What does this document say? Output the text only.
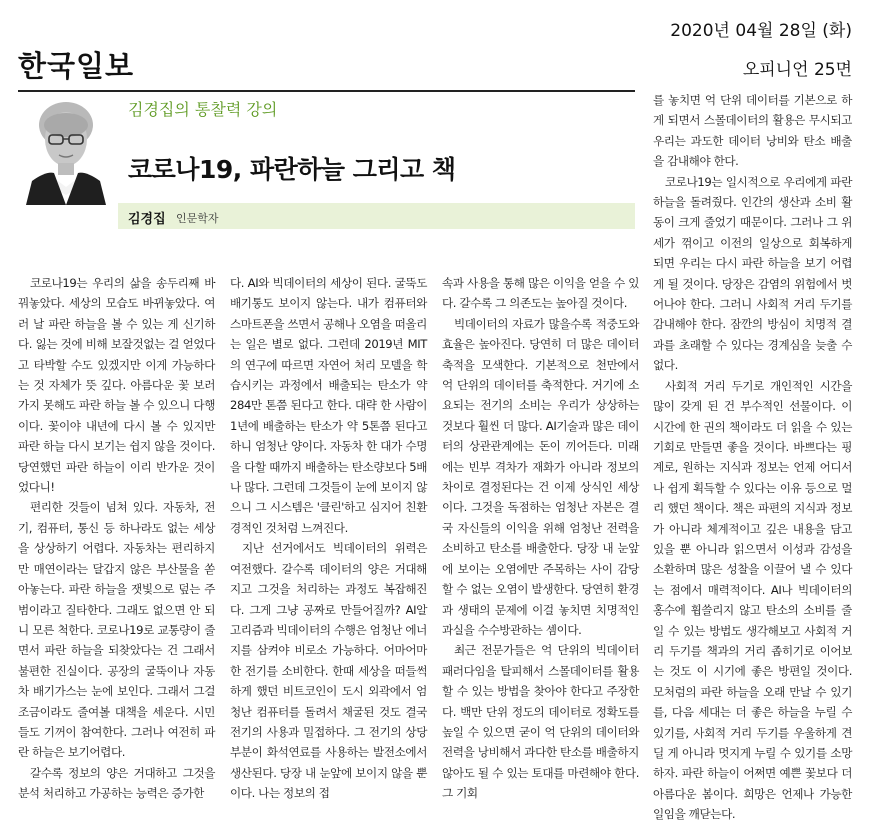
한국일보
2020년 04월 28일 (화)
오피니언 25면
김경집의 통찰력 강의
코로나19, 파란하늘 그리고 책
김경집 인문학자

코로나19는 우리의 삶을 송두리째 바꿔놓았다. 세상의 모습도 바뀌놓았다. 여러 날 파란 하늘을 볼 수 있는 게 신기하다. 잃는 것에 비해 보잘것없는 걸 얻었다고 타박할 수도 있겠지만 이게 가능하다는 것 자체가 뜻 깊다. 아름다운 꽃 보러 가지 못해도 파란 하늘 볼 수 있으니 다행이다. 꽃이야 내년에 다시 볼 수 있지만 파란 하늘 다시 보기는 쉽지 않을 것이다. 당연했던 파란 하늘이 이리 반가운 것이었다니!

편리한 것들이 넘쳐 있다. 자동차, 전기, 컴퓨터, 통신 등 하나라도 없는 세상을 상상하기 어렵다. 자동차는 편리하지만 매연이라는 달갑지 않은 부산물을 쏟아놓는다. 파란 하늘을 잿빛으로 덮는 주범이라고 질타한다. 그래도 없으면 안 되니 모른 척한다. 코로나19로 교통량이 줄면서 파란 하늘을 되찾았다는 건 그래서 불편한 진실이다. 공장의 굴뚝이나 자동차 배기가스는 눈에 보인다. 그래서 그걸 조금이라도 줄여볼 대책을 세운다. 시민들도 기꺼이 참여한다. 그러나 여전히 파란 하늘은 보기어렵다.

갈수록 정보의 양은 거대하고 그것을 분석 처리하고 가공하는 능력은 증가한

다. AI와 빅데이터의 세상이 된다. 굴뚝도 배기통도 보이지 않는다. 내가 컴퓨터와 스마트폰을 쓰면서 공해나 오염을 떠올리는 일은 별로 없다. 그런데 2019년 MIT의 연구에 따르면 자연어 처리 모델을 학습시키는 과정에서 배출되는 탄소가 약 284만 톤쯤 된다고 한다. 대략 한 사람이 1년에 배출하는 탄소가 약 5톤쯤 된다고 하니 엄청난 양이다. 자동차 한 대가 수명을 다할 때까지 배출하는 탄소량보다 5배나 많다. 그런데 그것들이 눈에 보이지 않으니 그 시스템은 '클린'하고 심지어 친환경적인 것처럼 느껴진다.

지난 선거에서도 빅데이터의 위력은 여전했다. 갈수록 데이터의 양은 거대해지고 그것을 처리하는 과정도 복잡해진다. 그게 그냥 공짜로 만들어질까? AI알고리즘과 빅데이터의 수행은 엄청난 에너지를 삼켜야 비로소 가능하다. 어마어마한 전기를 소비한다. 한때 세상을 떠들썩하게 했던 비트코인이 도시 외곽에서 엄청난 컴퓨터를 돌려서 채굴된 것도 결국 전기의 사용과 밀접하다. 그 전기의 상당 부분이 화석연료를 사용하는 발전소에서 생산된다. 당장 내 눈앞에 보이지 않을 뿐이다. 나는 정보의 접

속과 사용을 통해 많은 이익을 얻을 수 있다. 갈수록 그 의존도는 높아질 것이다.

빅데이터의 자료가 많을수록 적중도와 효율은 높아진다. 당연히 더 많은 데이터 축적을 모색한다. 기본적으로 천만에서 억 단위의 데이터를 축적한다. 거기에 소요되는 전기의 소비는 우리가 상상하는 것보다 훨씬 더 많다. AI기술과 많은 데이터의 상관관계에는 돈이 끼어든다. 미래에는 빈부 격차가 재화가 아니라 정보의 차이로 결정된다는 건 이제 상식인 세상이다. 그것을 독점하는 엄청난 자본은 결국 자신들의 이익을 위해 엄청난 전력을 소비하고 탄소를 배출한다. 당장 내 눈앞에 보이는 오염에만 주목하는 사이 감당할 수 없는 오염이 발생한다. 당연히 환경과 생태의 문제에 이걸 놓치면 치명적인 과실을 수수방관하는 셈이다.

최근 전문가들은 억 단위의 빅데이터 패러다임을 탈피해서 스몰데이터를 활용할 수 있는 방법을 찾아야 한다고 주장한다. 백만 단위 정도의 데이터로 정확도를 높일 수 있으면 굳이 억 단위의 데이터와 전력을 낭비해서 과다한 탄소를 배출하지 않아도 될 수 있는 토대를 마련해야 한다. 그 기회

를 놓치면 억 단위 데이터를 기본으로 하게 되면서 스몰데이터의 활용은 무시되고 우리는 과도한 데이터 낭비와 탄소 배출을 감내해야 한다.

코로나19는 일시적으로 우리에게 파란 하늘을 돌려줬다. 인간의 생산과 소비 활동이 크게 줄었기 때문이다. 그러나 그 위세가 꺾이고 이전의 일상으로 회복하게 되면 우리는 다시 파란 하늘을 보기 어렵게 될 것이다. 당장은 감염의 위험에서 벗어나야 한다. 그러니 사회적 거리 두기를 감내해야 한다. 잠깐의 방심이 치명적 결과를 초래할 수 있다는 경계심을 늦출 수 없다.

사회적 거리 두기로 개인적인 시간을 많이 갖게 된 건 부수적인 선물이다. 이 시간에 한 권의 책이라도 더 읽을 수 있는 기회로 만들면 좋을 것이다. 바쁘다는 핑계로, 원하는 지식과 정보는 언제 어디서나 쉽게 획득할 수 있다는 이유 등으로 멀리 했던 책이다. 책은 파편의 지식과 정보가 아니라 체계적이고 깊은 내용을 담고 있을 뿐 아니라 읽으면서 이성과 감성을 소환하며 많은 성찰을 이끌어 낼 수 있다는 점에서 매력적이다. AI나 빅데이터의 홍수에 휩쓸리지 않고 탄소의 소비를 줄일 수 있는 방법도 생각해보고 사회적 거리 두기를 책과의 거리 좁히기로 이어보는 것도 이 시기에 좋은 방편일 것이다. 모처럼의 파란 하늘을 오래 만날 수 있기를, 다음 세대는 더 좋은 하늘을 누릴 수 있기를, 사회적 거리 두기를 우울하게 견딜 게 아니라 멋지게 누릴 수 있기를 소망하자. 파란 하늘이 어쩌면 예쁜 꽃보다 더 아름다운 봄이다. 희망은 언제나 가능한 일임을 깨닫는다.
